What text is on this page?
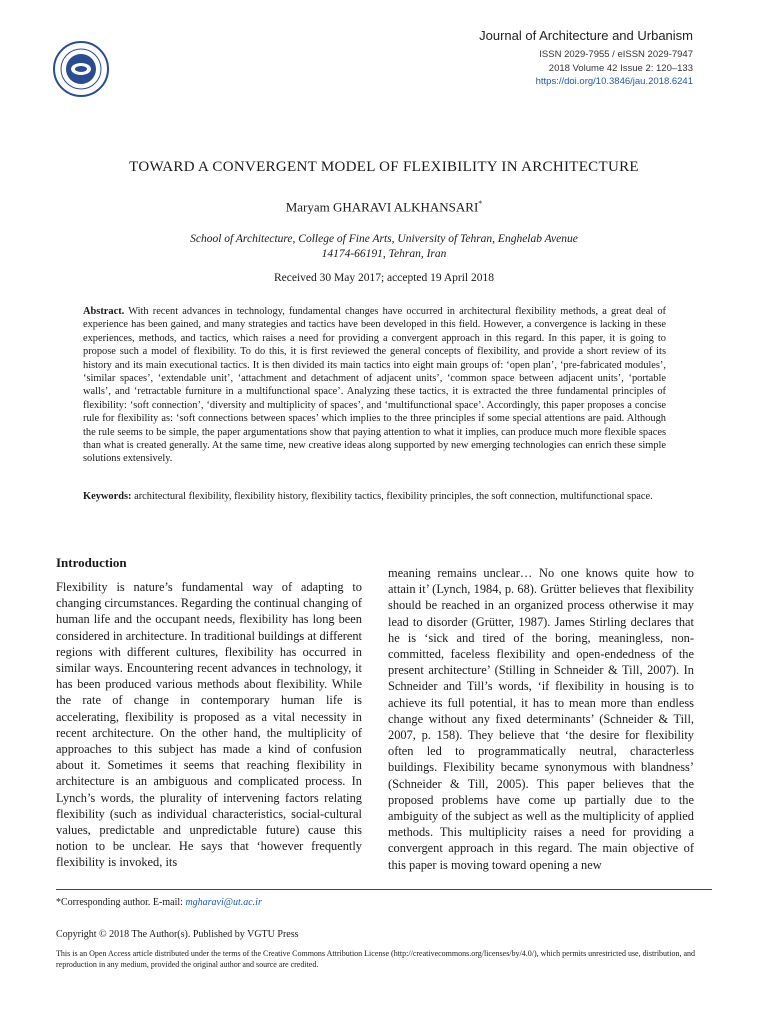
Journal of Architecture and Urbanism
ISSN 2029-7955 / eISSN 2029-7947
2018 Volume 42 Issue 2: 120–133
https://doi.org/10.3846/jau.2018.6241
TOWARD A CONVERGENT MODEL OF FLEXIBILITY IN ARCHITECTURE
Maryam GHARAVI ALKHANSARI*
School of Architecture, College of Fine Arts, University of Tehran, Enghelab Avenue
14174-66191, Tehran, Iran
Received 30 May 2017; accepted 19 April 2018
Abstract. With recent advances in technology, fundamental changes have occurred in architectural flexibility methods, a great deal of experience has been gained, and many strategies and tactics have been developed in this field. However, a convergence is lacking in these experiences, methods, and tactics, which raises a need for providing a convergent approach in this regard. In this paper, it is going to propose such a model of flexibility. To do this, it is first reviewed the general concepts of flexibility, and provide a short review of its history and its main executional tactics. It is then divided its main tactics into eight main groups of: ‘open plan’, ‘pre-fabricated modules’, ‘similar spaces’, ‘extendable unit’, ‘attachment and detachment of adjacent units’, ‘common space between adjacent units’, ‘portable walls’, and ‘retractable furniture in a multifunctional space’. Analyzing these tactics, it is extracted the three fundamental principles of flexibility: ‘soft connection’, ‘diversity and multiplicity of spaces’, and ‘multifunctional space’. Accordingly, this paper proposes a concise rule for flexibility as: ‘soft connections between spaces’ which implies to the three principles if some special attentions are paid. Although the rule seems to be simple, the paper argumentations show that paying attention to what it implies, can produce much more flexible spaces than what is created generally. At the same time, new creative ideas along supported by new emerging technologies can enrich these simple solutions extensively.
Keywords: architectural flexibility, flexibility history, flexibility tactics, flexibility principles, the soft connection, multifunctional space.
Introduction
Flexibility is nature’s fundamental way of adapting to changing circumstances. Regarding the continual changing of human life and the occupant needs, flexibility has long been considered in architecture. In traditional buildings at different regions with different cultures, flexibility has occurred in similar ways. Encountering recent advances in technology, it has been produced various methods about flexibility. While the rate of change in contemporary human life is accelerating, flexibility is proposed as a vital necessity in recent architecture. On the other hand, the multiplicity of approaches to this subject has made a kind of confusion about it. Sometimes it seems that reaching flexibility in architecture is an ambiguous and complicated process. In Lynch’s words, the plurality of intervening factors relating flexibility (such as individual characteristics, social-cultural values, predictable and unpredictable future) cause this notion to be unclear. He says that ‘however frequently flexibility is invoked, its
meaning remains unclear… No one knows quite how to attain it’ (Lynch, 1984, p. 68). Grütter believes that flexibility should be reached in an organized process otherwise it may lead to disorder (Grütter, 1987). James Stirling declares that he is ‘sick and tired of the boring, meaningless, non-committed, faceless flexibility and open-endedness of the present architecture’ (Stilling in Schneider & Till, 2007). In Schneider and Till’s words, ‘if flexibility in housing is to achieve its full potential, it has to mean more than endless change without any fixed determinants’ (Schneider & Till, 2007, p. 158). They believe that ‘the desire for flexibility often led to programmatically neutral, characterless buildings. Flexibility became synonymous with blandness’ (Schneider & Till, 2005). This paper believes that the proposed problems have come up partially due to the ambiguity of the subject as well as the multiplicity of applied methods. This multiplicity raises a need for providing a convergent approach in this regard. The main objective of this paper is moving toward opening a new
*Corresponding author. E-mail: mgharavi@ut.ac.ir
Copyright © 2018 The Author(s). Published by VGTU Press
This is an Open Access article distributed under the terms of the Creative Commons Attribution License (http://creativecommons.org/licenses/by/4.0/), which permits unrestricted use, distribution, and reproduction in any medium, provided the original author and source are credited.
